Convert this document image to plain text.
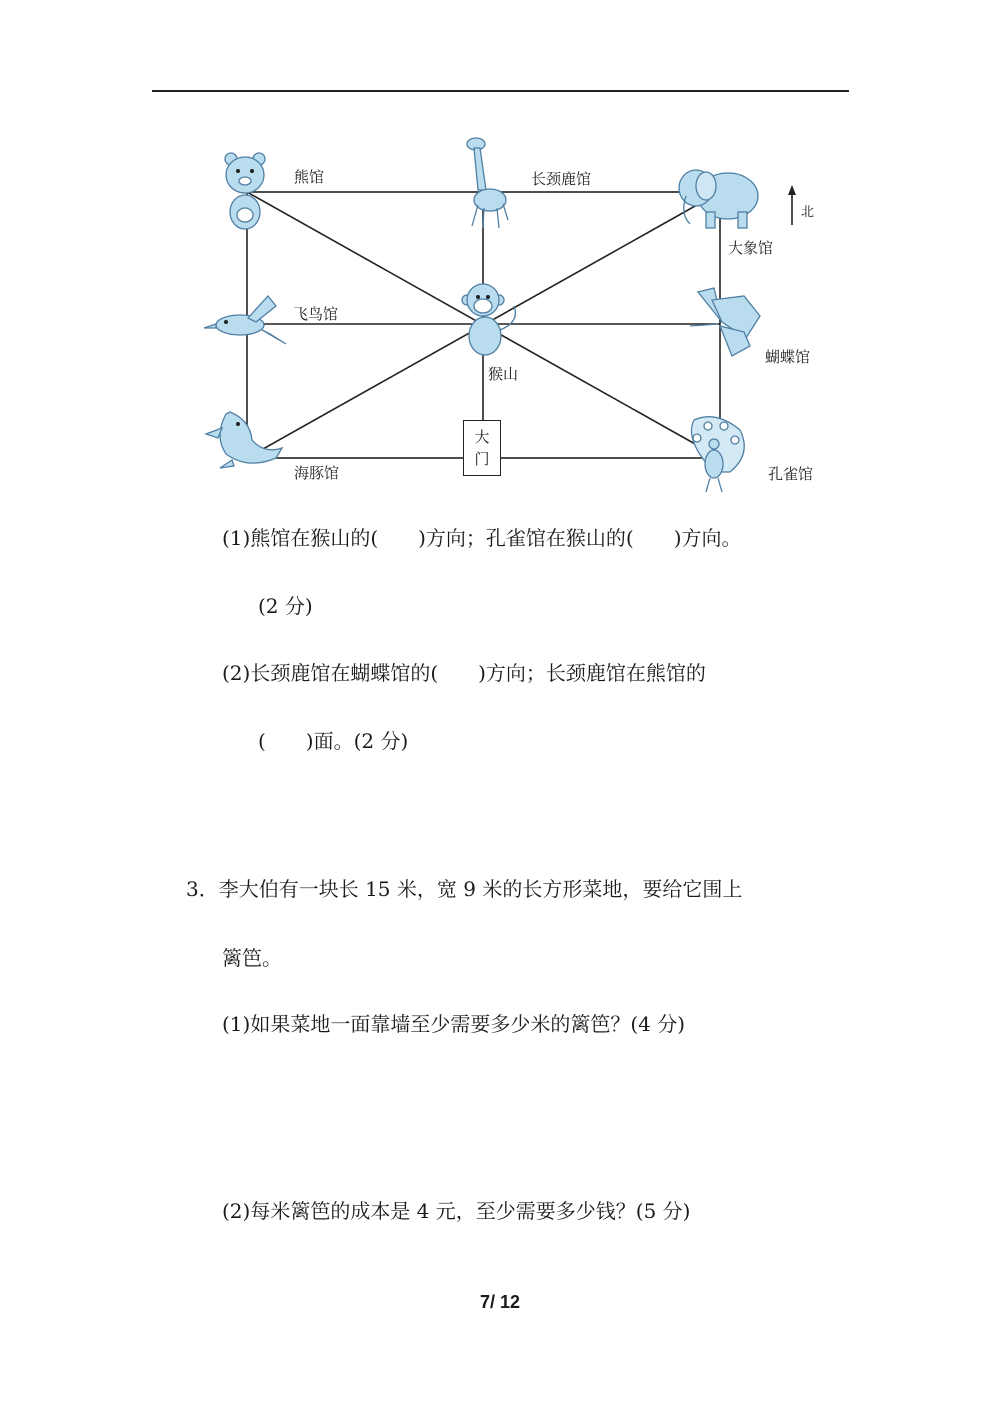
熊馆	长颈鹿馆
大象馆
飞鸟馆
蝴蝶馆
猴山
海豚馆	孔雀馆
北
大
门
(1)熊馆在猴山的(　　)方向；孔雀馆在猴山的(　　)方向。
(2 分)
(2)长颈鹿馆在蝴蝶馆的(　　)方向；长颈鹿馆在熊馆的
(　　)面。(2 分)
3．李大伯有一块长 15 米，宽 9 米的长方形菜地，要给它围上
篱笆。
(1)如果菜地一面靠墙至少需要多少米的篱笆？(4 分)
(2)每米篱笆的成本是 4 元，至少需要多少钱？(5 分)
7/ 12
